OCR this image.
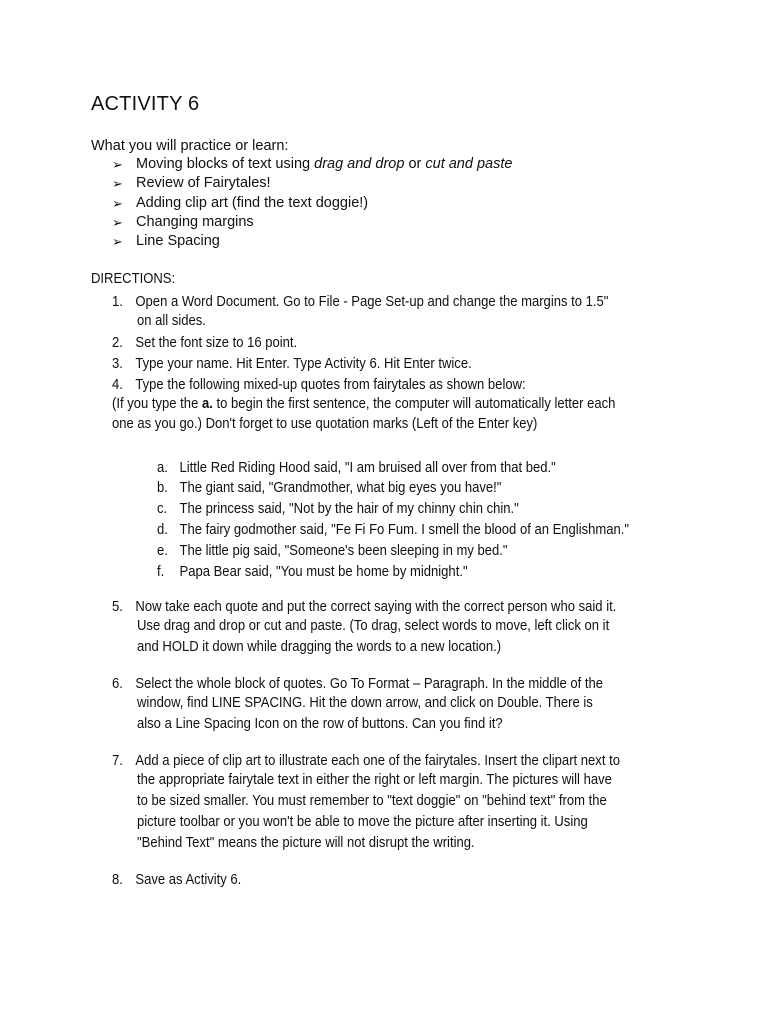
ACTIVITY 6
What you will practice or learn:
➢ Moving blocks of text using drag and drop or cut and paste
➢ Review of Fairytales!
➢ Adding clip art (find the text doggie!)
➢ Changing margins
➢ Line Spacing
DIRECTIONS:
1. Open a Word Document. Go to File - Page Set-up and change the margins to 1.5"
on all sides.
2. Set the font size to 16 point.
3. Type your name. Hit Enter. Type Activity 6. Hit Enter twice.
4. Type the following mixed-up quotes from fairytales as shown below:
(If you type the a. to begin the first sentence, the computer will automatically letter each
one as you go.) Don't forget to use quotation marks (Left of the Enter key)
a. Little Red Riding Hood said, "I am bruised all over from that bed."
b. The giant said, "Grandmother, what big eyes you have!"
c. The princess said, "Not by the hair of my chinny chin chin."
d. The fairy godmother said, "Fe Fi Fo Fum. I smell the blood of an Englishman."
e. The little pig said, "Someone's been sleeping in my bed."
f. Papa Bear said, "You must be home by midnight."
5. Now take each quote and put the correct saying with the correct person who said it.
Use drag and drop or cut and paste. (To drag, select words to move, left click on it
and HOLD it down while dragging the words to a new location.)
6. Select the whole block of quotes. Go To Format – Paragraph. In the middle of the
window, find LINE SPACING. Hit the down arrow, and click on Double. There is
also a Line Spacing Icon on the row of buttons. Can you find it?
7. Add a piece of clip art to illustrate each one of the fairytales. Insert the clipart next to
the appropriate fairytale text in either the right or left margin. The pictures will have
to be sized smaller. You must remember to "text doggie" on "behind text" from the
picture toolbar or you won't be able to move the picture after inserting it. Using
"Behind Text" means the picture will not disrupt the writing.
8. Save as Activity 6.
